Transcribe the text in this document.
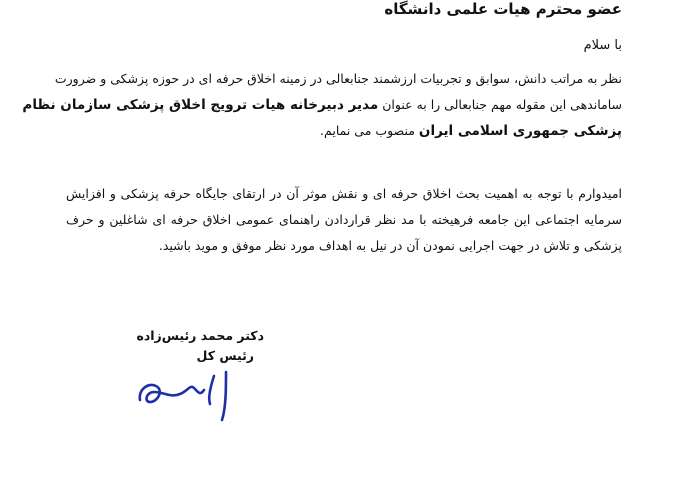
عضو محترم هیات علمی دانشگاه
با سلام
نظر به مراتب دانش، سوابق و تجربیات ارزشمند جنابعالی در زمینه اخلاق حرفه ای در حوزه پزشکی و ضرورت
ساماندهی این مقوله مهم جنابعالی را به عنوان مدیر دبیرخانه هیات ترویج اخلاق پزشکی سازمان نظام
پزشکی جمهوری اسلامی ایران منصوب می نمایم.
امیدوارم با توجه به اهمیت بحث اخلاق حرفه ای و نقش موثر آن در ارتقای جایگاه حرفه پزشکی و افزایش
سرمایه اجتماعی این جامعه فرهیخته با مد نظر قراردادن راهنمای عمومی اخلاق حرفه ای شاغلین و حرف
پزشکی و تلاش در جهت اجرایی نمودن آن در نیل به اهداف مورد نظر موفق و موید باشید.
دکتر محمد رئیس‌زاده
رئیس کل
